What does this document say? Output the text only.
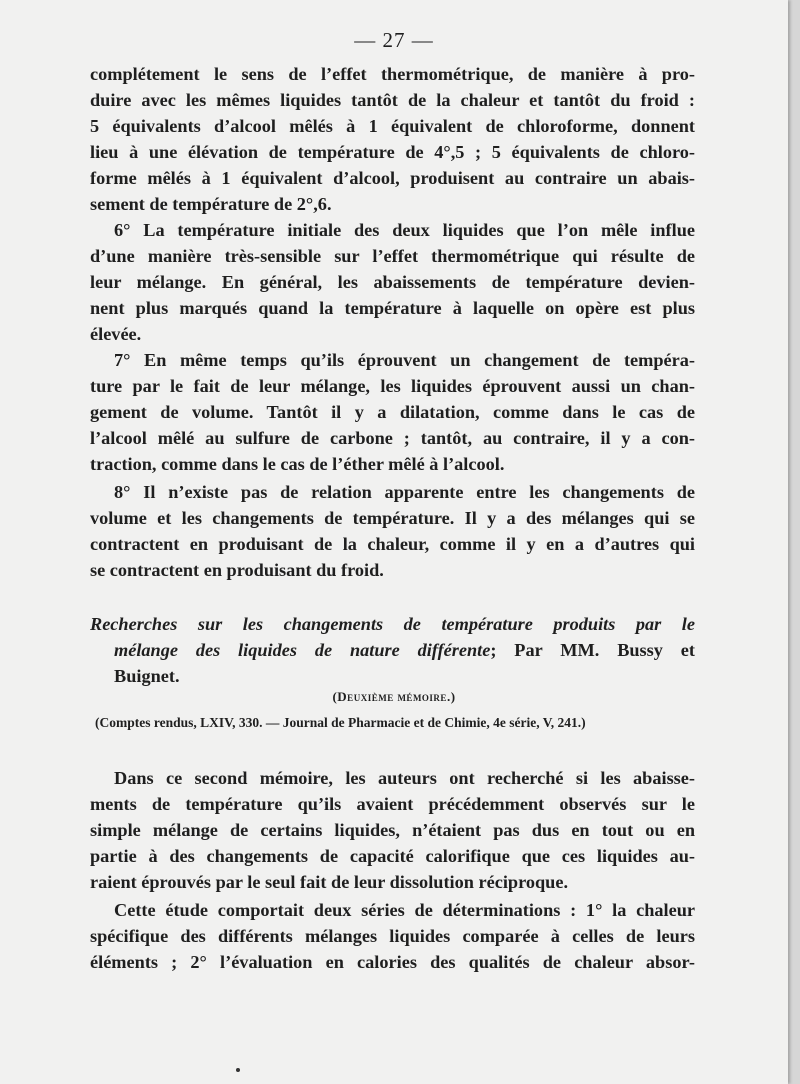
— 27 —
complétement le sens de l’effet thermométrique, de manière à pro-
duire avec les mêmes liquides tantôt de la chaleur et tantôt du froid :
5 équivalents d’alcool mêlés à 1 équivalent de chloroforme, donnent
lieu à une élévation de température de 4°,5 ; 5 équivalents de chloro-
forme mêlés à 1 équivalent d’alcool, produisent au contraire un abais-
sement de température de 2°,6.
6° La température initiale des deux liquides que l’on mêle influe
d’une manière très-sensible sur l’effet thermométrique qui résulte de
leur mélange. En général, les abaissements de température devien-
nent plus marqués quand la température à laquelle on opère est plus
élevée.
7° En même temps qu’ils éprouvent un changement de tempéra-
ture par le fait de leur mélange, les liquides éprouvent aussi un chan-
gement de volume. Tantôt il y a dilatation, comme dans le cas de
l’alcool mêlé au sulfure de carbone ; tantôt, au contraire, il y a con-
traction, comme dans le cas de l’éther mêlé à l’alcool.
8° Il n’existe pas de relation apparente entre les changements de
volume et les changements de température. Il y a des mélanges qui se
contractent en produisant de la chaleur, comme il y en a d’autres qui
se contractent en produisant du froid.
Recherches sur les changements de température produits par le
mélange des liquides de nature différente; Par MM. Bussy et
Buignet.
(Deuxième mémoire.)
(Comptes rendus, LXIV, 330. — Journal de Pharmacie et de Chimie, 4e série, V, 241.)
Dans ce second mémoire, les auteurs ont recherché si les abaisse-
ments de température qu’ils avaient précédemment observés sur le
simple mélange de certains liquides, n’étaient pas dus en tout ou en
partie à des changements de capacité calorifique que ces liquides au-
raient éprouvés par le seul fait de leur dissolution réciproque.
Cette étude comportait deux séries de déterminations : 1° la chaleur
spécifique des différents mélanges liquides comparée à celles de leurs
éléments ; 2° l’évaluation en calories des qualités de chaleur absor-
